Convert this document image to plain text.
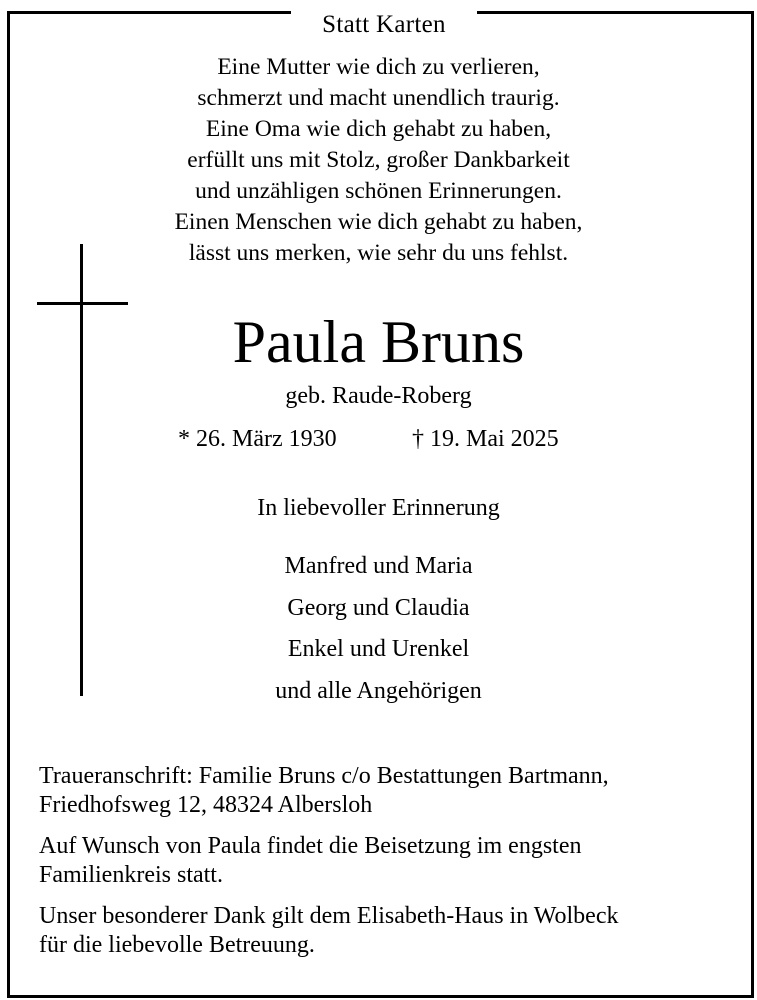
Statt Karten
Eine Mutter wie dich zu verlieren,
schmerzt und macht unendlich traurig.
Eine Oma wie dich gehabt zu haben,
erfüllt uns mit Stolz, großer Dankbarkeit
und unzähligen schönen Erinnerungen.
Einen Menschen wie dich gehabt zu haben,
lässt uns merken, wie sehr du uns fehlst.
Paula Bruns
geb. Raude-Roberg
* 26. März 1930	† 19. Mai 2025
In liebevoller Erinnerung
Manfred und Maria
Georg und Claudia
Enkel und Urenkel
und alle Angehörigen

Traueranschrift: Familie Bruns c/o Bestattungen Bartmann,
Friedhofsweg 12, 48324 Albersloh

Auf Wunsch von Paula findet die Beisetzung im engsten
Familienkreis statt.

Unser besonderer Dank gilt dem Elisabeth-Haus in Wolbeck
für die liebevolle Betreuung.
